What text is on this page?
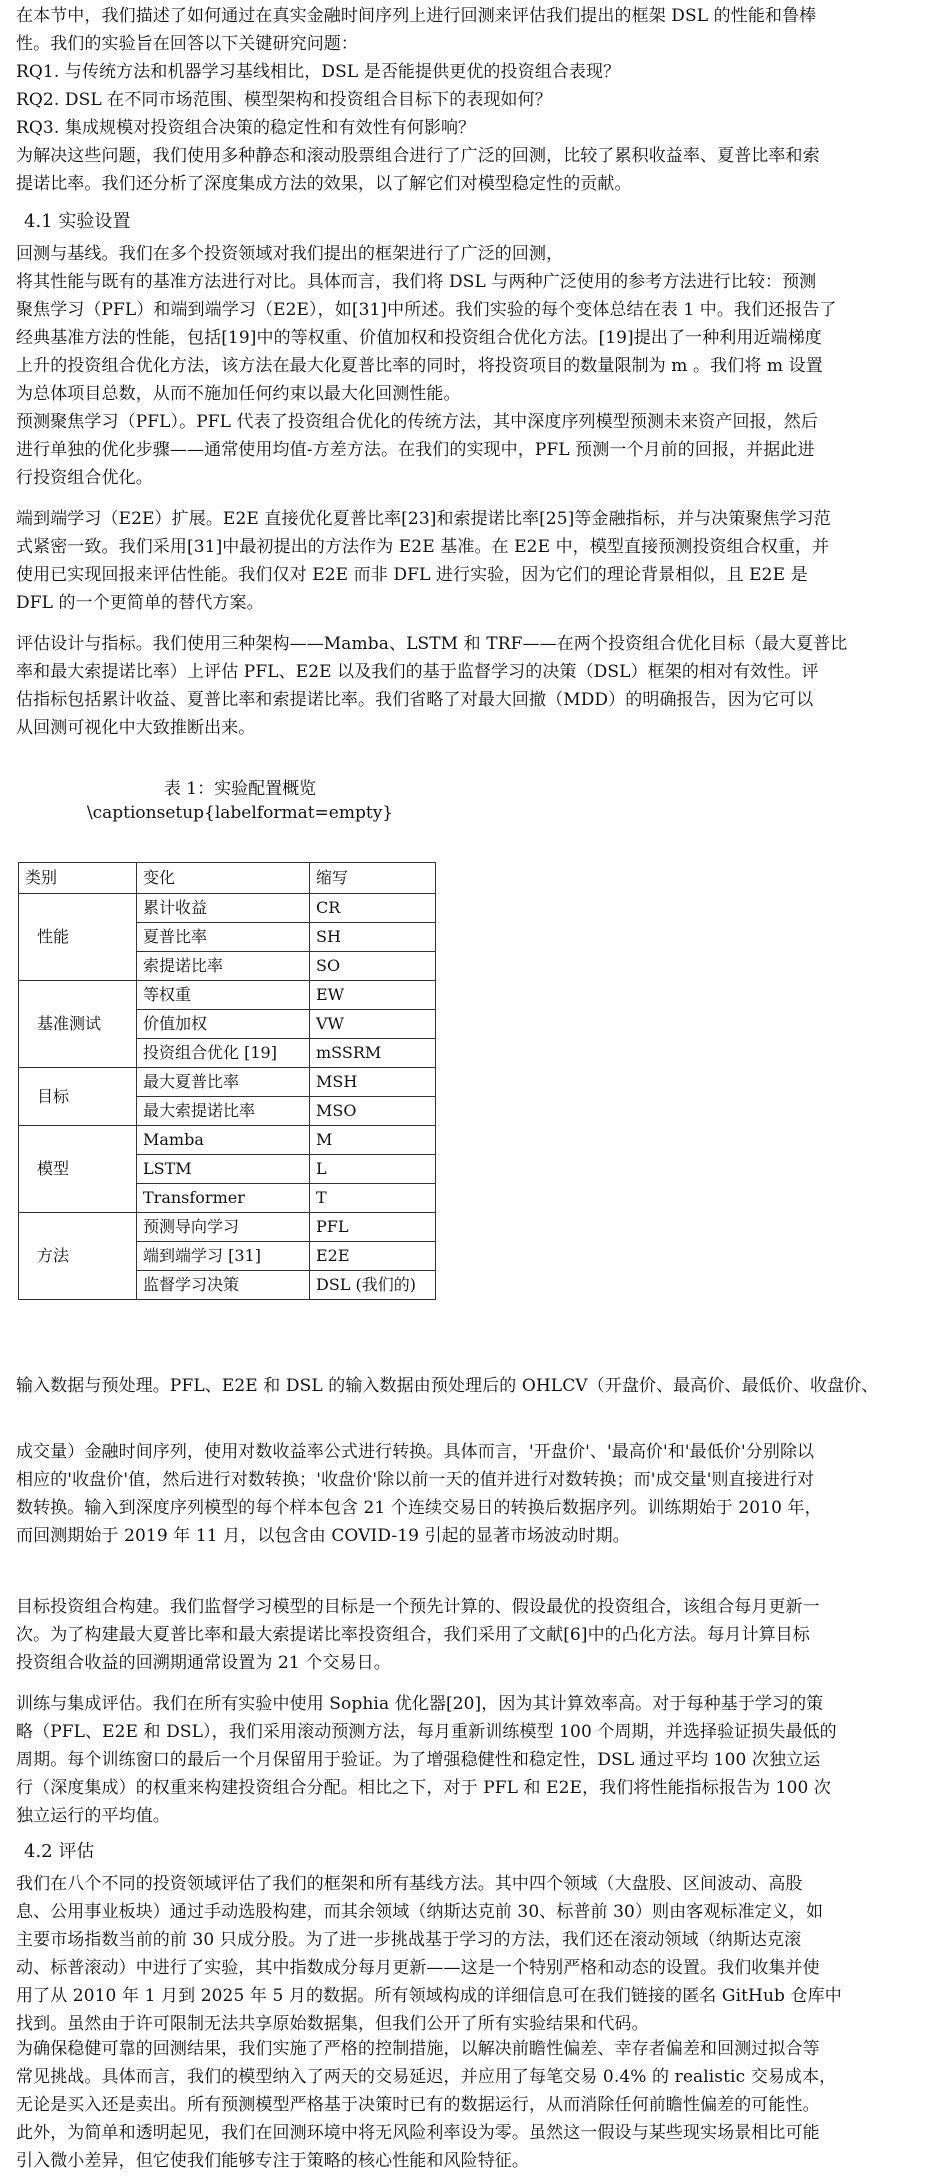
在本节中，我们描述了如何通过在真实金融时间序列上进行回测来评估我们提出的框架 DSL 的性能和鲁棒
性。我们的实验旨在回答以下关键研究问题：
RQ1. 与传统方法和机器学习基线相比，DSL 是否能提供更优的投资组合表现？
RQ2. DSL 在不同市场范围、模型架构和投资组合目标下的表现如何？
RQ3. 集成规模对投资组合决策的稳定性和有效性有何影响？
为解决这些问题，我们使用多种静态和滚动股票组合进行了广泛的回测，比较了累积收益率、夏普比率和索
提诺比率。我们还分析了深度集成方法的效果，以了解它们对模型稳定性的贡献。
4.1 实验设置
回测与基线。我们在多个投资领域对我们提出的框架进行了广泛的回测，
将其性能与既有的基准方法进行对比。具体而言，我们将 DSL 与两种广泛使用的参考方法进行比较：预测
聚焦学习（PFL）和端到端学习（E2E），如[31]中所述。我们实验的每个变体总结在表 1 中。我们还报告了
经典基准方法的性能，包括[19]中的等权重、价值加权和投资组合优化方法。[19]提出了一种利用近端梯度
上升的投资组合优化方法，该方法在最大化夏普比率的同时，将投资项目的数量限制为 m 。我们将 m 设置
为总体项目总数，从而不施加任何约束以最大化回测性能。
预测聚焦学习（PFL）。PFL 代表了投资组合优化的传统方法，其中深度序列模型预测未来资产回报，然后
进行单独的优化步骤——通常使用均值-方差方法。在我们的实现中，PFL 预测一个月前的回报，并据此进
行投资组合优化。
端到端学习（E2E）扩展。E2E 直接优化夏普比率[23]和索提诺比率[25]等金融指标，并与决策聚焦学习范
式紧密一致。我们采用[31]中最初提出的方法作为 E2E 基准。在 E2E 中，模型直接预测投资组合权重，并
使用已实现回报来评估性能。我们仅对 E2E 而非 DFL 进行实验，因为它们的理论背景相似，且 E2E 是
DFL 的一个更简单的替代方案。
评估设计与指标。我们使用三种架构——Mamba、LSTM 和 TRF——在两个投资组合优化目标（最大夏普比
率和最大索提诺比率）上评估 PFL、E2E 以及我们的基于监督学习的决策（DSL）框架的相对有效性。评
估指标包括累计收益、夏普比率和索提诺比率。我们省略了对最大回撤（MDD）的明确报告，因为它可以
从回测可视化中大致推断出来。

表 1：实验配置概览

\captionsetup{labelformat=empty}

类别	变化	缩写
性能	累计收益	CR
	夏普比率	SH
	索提诺比率	SO
基准测试	等权重	EW
	价值加权	VW
	投资组合优化 [19]	mSSRM
目标	最大夏普比率	MSH
	最大索提诺比率	MSO
模型	Mamba	M
	LSTM	L
	Transformer	T
方法	预测导向学习	PFL
	端到端学习 [31]	E2E
	监督学习决策	DSL (我们的)
输入数据与预处理。PFL、E2E 和 DSL 的输入数据由预处理后的 OHLCV（开盘价、最高价、最低价、收盘价、
成交量）金融时间序列，使用对数收益率公式进行转换。具体而言，'开盘价'、'最高价'和'最低价'分别除以
相应的'收盘价'值，然后进行对数转换；'收盘价'除以前一天的值并进行对数转换；而'成交量'则直接进行对
数转换。输入到深度序列模型的每个样本包含 21 个连续交易日的转换后数据序列。训练期始于 2010 年，
而回测期始于 2019 年 11 月，以包含由 COVID-19 引起的显著市场波动时期。
目标投资组合构建。我们监督学习模型的目标是一个预先计算的、假设最优的投资组合，该组合每月更新一
次。为了构建最大夏普比率和最大索提诺比率投资组合，我们采用了文献[6]中的凸化方法。每月计算目标
投资组合收益的回溯期通常设置为 21 个交易日。
训练与集成评估。我们在所有实验中使用 Sophia 优化器[20]，因为其计算效率高。对于每种基于学习的策
略（PFL、E2E 和 DSL），我们采用滚动预测方法，每月重新训练模型 100 个周期，并选择验证损失最低的
周期。每个训练窗口的最后一个月保留用于验证。为了增强稳健性和稳定性，DSL 通过平均 100 次独立运
行（深度集成）的权重来构建投资组合分配。相比之下，对于 PFL 和 E2E，我们将性能指标报告为 100 次
独立运行的平均值。
4.2 评估
我们在八个不同的投资领域评估了我们的框架和所有基线方法。其中四个领域（大盘股、区间波动、高股
息、公用事业板块）通过手动选股构建，而其余领域（纳斯达克前 30、标普前 30）则由客观标准定义，如
主要市场指数当前的前 30 只成分股。为了进一步挑战基于学习的方法，我们还在滚动领域（纳斯达克滚
动、标普滚动）中进行了实验，其中指数成分每月更新——这是一个特别严格和动态的设置。我们收集并使
用了从 2010 年 1 月到 2025 年 5 月的数据。所有领域构成的详细信息可在我们链接的匿名 GitHub 仓库中
找到。虽然由于许可限制无法共享原始数据集，但我们公开了所有实验结果和代码。
为确保稳健可靠的回测结果，我们实施了严格的控制措施，以解决前瞻性偏差、幸存者偏差和回测过拟合等
常见挑战。具体而言，我们的模型纳入了两天的交易延迟，并应用了每笔交易 0.4% 的 realistic 交易成本，
无论是买入还是卖出。所有预测模型严格基于决策时已有的数据运行，从而消除任何前瞻性偏差的可能性。
此外，为简单和透明起见，我们在回测环境中将无风险利率设为零。虽然这一假设与某些现实场景相比可能
引入微小差异，但它使我们能够专注于策略的核心性能和风险特征。
